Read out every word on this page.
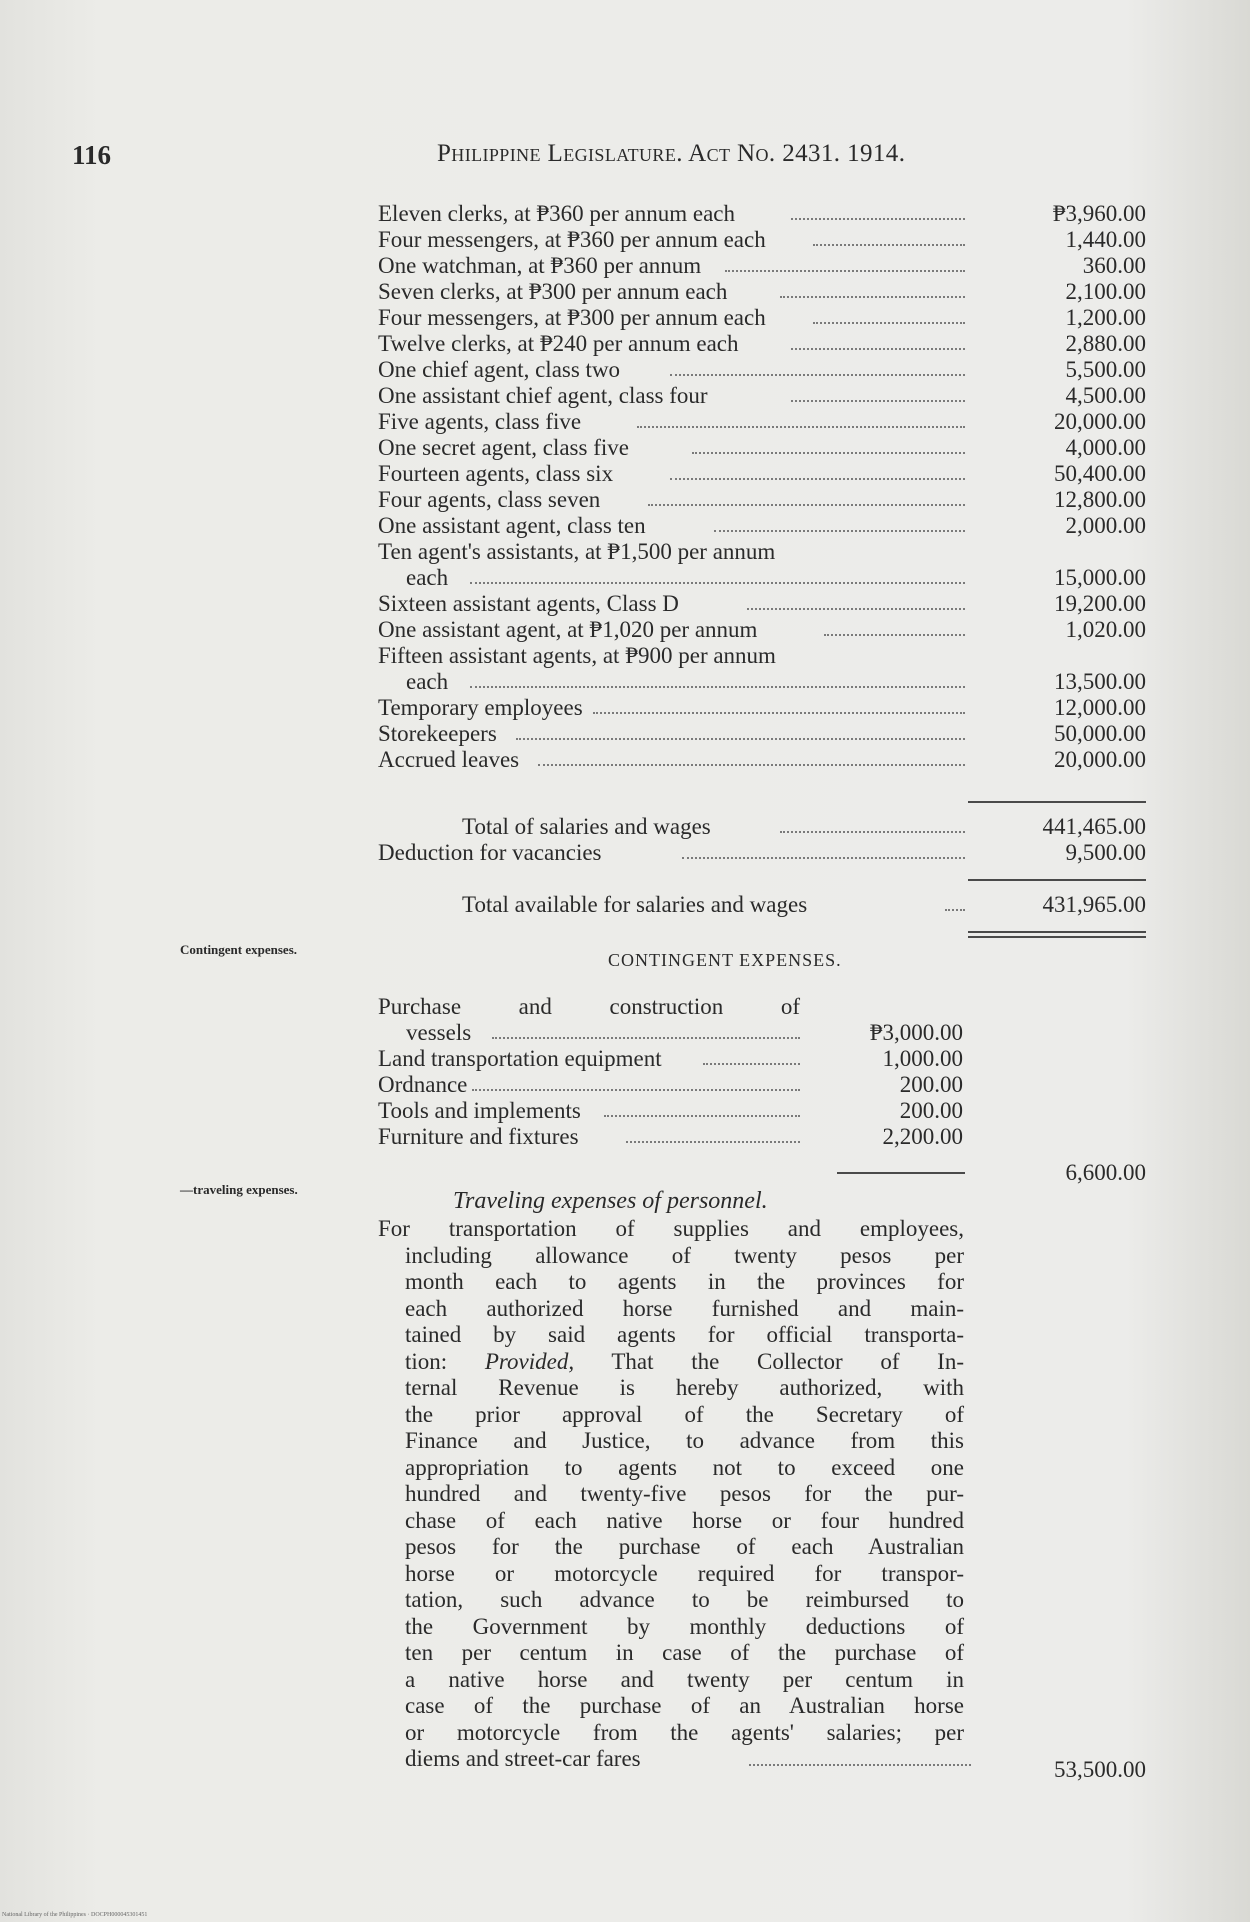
116	Philippine Legislature. Act No. 2431. 1914.
Eleven clerks, at ₱360 per annum each	₱3,960.00
Four messengers, at ₱360 per annum each	1,440.00
One watchman, at ₱360 per annum	360.00
Seven clerks, at ₱300 per annum each	2,100.00
Four messengers, at ₱300 per annum each	1,200.00
Twelve clerks, at ₱240 per annum each	2,880.00
One chief agent, class two	5,500.00
One assistant chief agent, class four	4,500.00
Five agents, class five	20,000.00
One secret agent, class five	4,000.00
Fourteen agents, class six	50,400.00
Four agents, class seven	12,800.00
One assistant agent, class ten	2,000.00
Ten agent's assistants, at ₱1,500 per annum
each	15,000.00
Sixteen assistant agents, Class D	19,200.00
One assistant agent, at ₱1,020 per annum	1,020.00
Fifteen assistant agents, at ₱900 per annum
each	13,500.00
Temporary employees	12,000.00
Storekeepers	50,000.00
Accrued leaves	20,000.00
Total of salaries and wages	441,465.00
Deduction for vacancies	9,500.00
Total available for salaries and wages	431,965.00
Contingent expenses.
CONTINGENT EXPENSES.
Purchase and construction of
vessels	₱3,000.00
Land transportation equipment	1,000.00
Ordnance	200.00
Tools and implements	200.00
Furniture and fixtures	2,200.00
6,600.00
—traveling expenses.	Traveling expenses of personnel.
For transportation of supplies and employees,
including allowance of twenty pesos per
month each to agents in the provinces for
each authorized horse furnished and main-
tained by said agents for official transporta-
tion: Provided, That the Collector of In-
ternal Revenue is hereby authorized, with
the prior approval of the Secretary of
Finance and Justice, to advance from this
appropriation to agents not to exceed one
hundred and twenty-five pesos for the pur-
chase of each native horse or four hundred
pesos for the purchase of each Australian
horse or motorcycle required for transpor-
tation, such advance to be reimbursed to
the Government by monthly deductions of
ten per centum in case of the purchase of
a native horse and twenty per centum in
case of the purchase of an Australian horse
or motorcycle from the agents' salaries; per
diems and street-car fares	53,500.00
National Library of the Philippines · DOCPH000045301451
